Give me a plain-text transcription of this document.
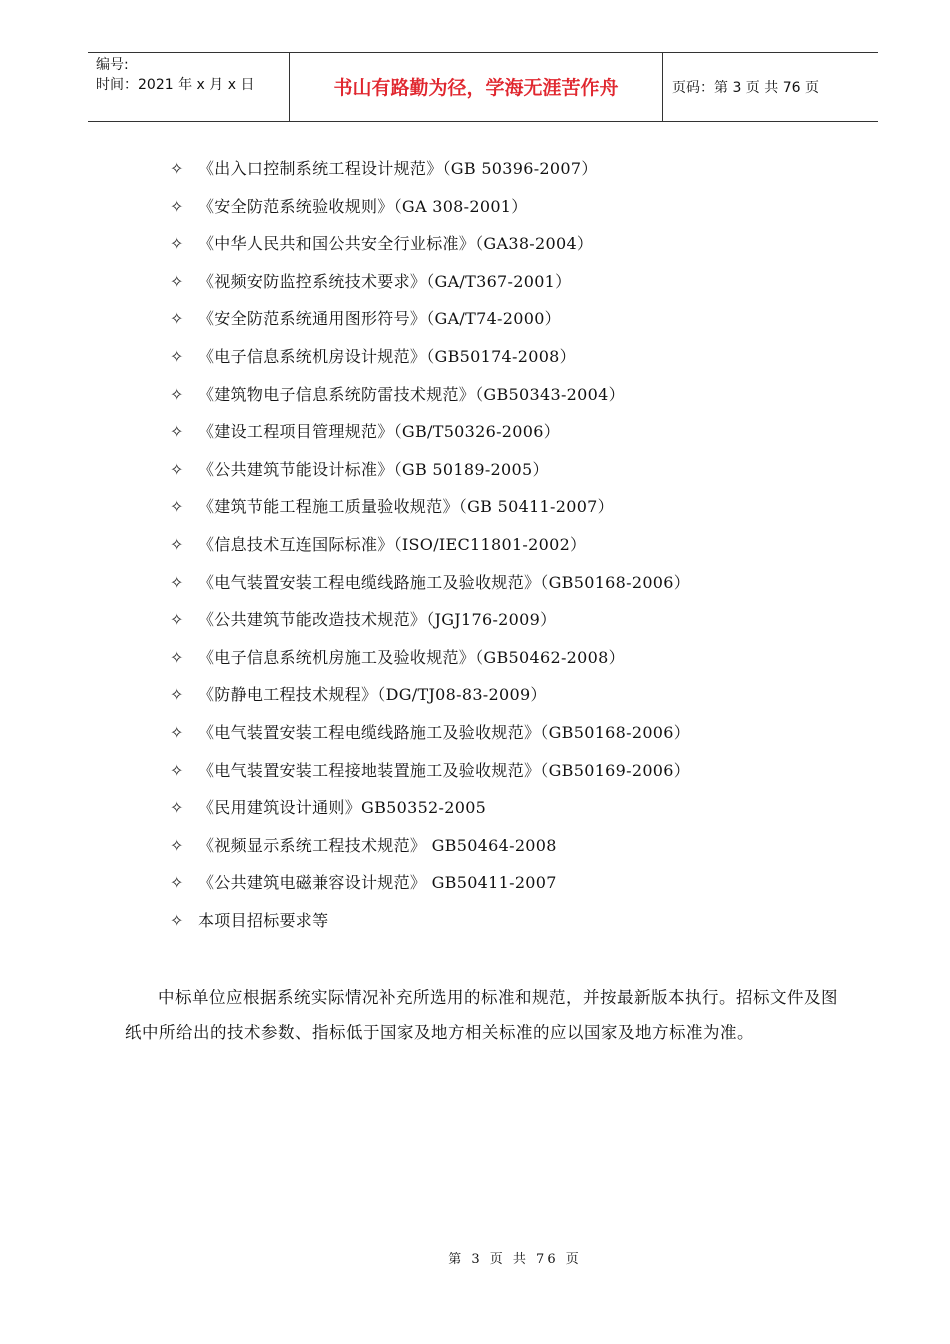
编号:
时间：2021 年 x 月 x 日	书山有路勤为径，学海无涯苦作舟	页码：第 3 页 共 76 页
✧ 《出入口控制系统工程设计规范》（GB 50396-2007）
✧ 《安全防范系统验收规则》（GA 308-2001）
✧ 《中华人民共和国公共安全行业标准》（GA38-2004）
✧ 《视频安防监控系统技术要求》（GA/T367-2001）
✧ 《安全防范系统通用图形符号》（GA/T74-2000）
✧ 《电子信息系统机房设计规范》（GB50174-2008）
✧ 《建筑物电子信息系统防雷技术规范》（GB50343-2004）
✧ 《建设工程项目管理规范》（GB/T50326-2006）
✧ 《公共建筑节能设计标准》（GB 50189-2005）
✧ 《建筑节能工程施工质量验收规范》（GB 50411-2007）
✧ 《信息技术互连国际标准》（ISO/IEC11801-2002）
✧ 《电气装置安装工程电缆线路施工及验收规范》（GB50168-2006）
✧ 《公共建筑节能改造技术规范》（JGJ176-2009）
✧ 《电子信息系统机房施工及验收规范》（GB50462-2008）
✧ 《防静电工程技术规程》（DG/TJ08-83-2009）
✧ 《电气装置安装工程电缆线路施工及验收规范》（GB50168-2006）
✧ 《电气装置安装工程接地装置施工及验收规范》（GB50169-2006）
✧ 《民用建筑设计通则》GB50352-2005
✧ 《视频显示系统工程技术规范》 GB50464-2008
✧ 《公共建筑电磁兼容设计规范》 GB50411-2007
✧ 本项目招标要求等

中标单位应根据系统实际情况补充所选用的标准和规范，并按最新版本执行。招标文件及图纸中所给出的技术参数、指标低于国家及地方相关标准的应以国家及地方标准为准。

第 3 页 共 76 页
